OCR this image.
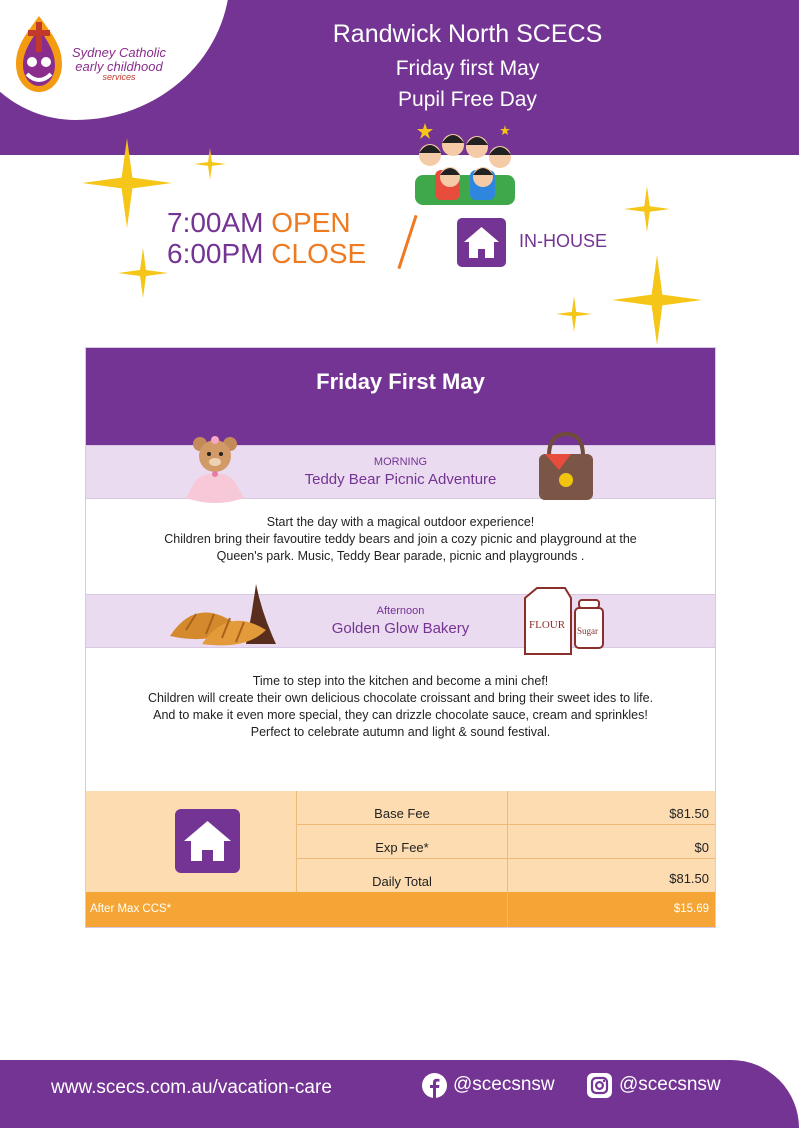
Sydney Catholic
early childhood
services
Randwick North SCECS
Friday first May
Pupil Free Day
7:00AM OPEN
6:00PM CLOSE	IN-HOUSE
Friday First May
MORNING
Teddy Bear Picnic Adventure
Start the day with a magical outdoor experience!
Children bring their favoutire teddy bears and join a cozy picnic and playground at the
Queen's park. Music, Teddy Bear parade, picnic and playgrounds .
Afternoon
Golden Glow Bakery	FLOUR Sugar
Time to step into the kitchen and become a mini chef!
Children will create their own delicious chocolate croissant and bring their sweet ides to life.
And to make it even more special, they can drizzle chocolate sauce, cream and sprinkles!
Perfect to celebrate autumn and light & sound festival.
Base Fee	$81.50
Exp Fee*	$0
Daily Total	$81.50
After Max CCS*	$15.69
www.scecs.com.au/vacation-care	@scecsnsw	@scecsnsw
